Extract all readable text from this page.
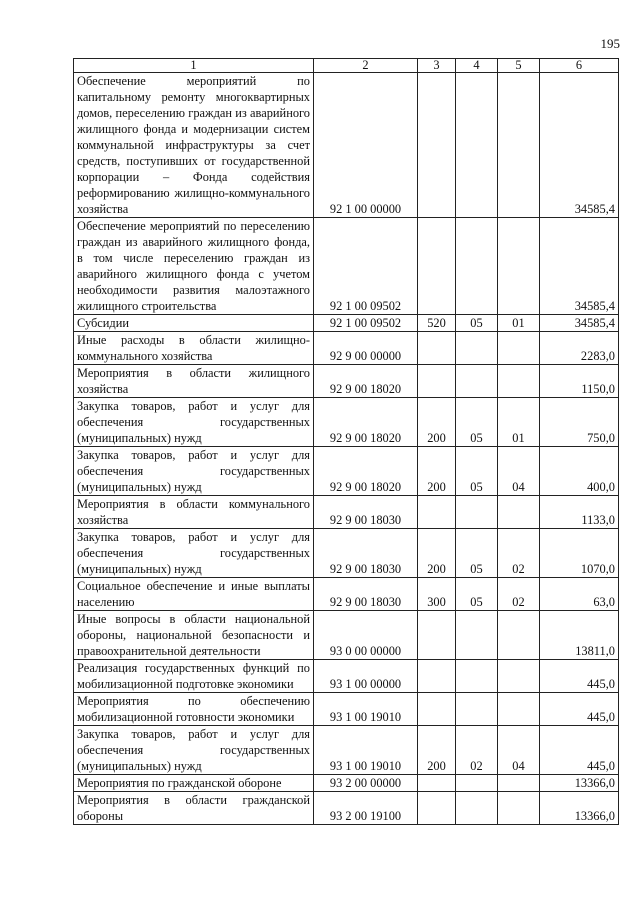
195
1	2	3	4	5	6
Обеспечение мероприятий по капитальному ремонту многоквартирных домов, переселению граждан из аварийного жилищного фонда и модернизации систем коммунальной инфраструктуры за счет средств, поступивших от государственной корпорации – Фонда содействия реформированию жилищно-коммунального хозяйства	92 1 00 00000				34585,4
Обеспечение мероприятий по переселению граждан из аварийного жилищного фонда, в том числе переселению граждан из аварийного жилищного фонда с учетом необходимости развития малоэтажного жилищного строительства	92 1 00 09502				34585,4
Субсидии	92 1 00 09502	520	05	01	34585,4
Иные расходы в области жилищно-коммунального хозяйства	92 9 00 00000				2283,0
Мероприятия в области жилищного хозяйства	92 9 00 18020				1150,0
Закупка товаров, работ и услуг для обеспечения государственных (муниципальных) нужд	92 9 00 18020	200	05	01	750,0
Закупка товаров, работ и услуг для обеспечения государственных (муниципальных) нужд	92 9 00 18020	200	05	04	400,0
Мероприятия в области коммунального хозяйства	92 9 00 18030				1133,0
Закупка товаров, работ и услуг для обеспечения государственных (муниципальных) нужд	92 9 00 18030	200	05	02	1070,0
Социальное обеспечение и иные выплаты населению	92 9 00 18030	300	05	02	63,0
Иные вопросы в области национальной обороны, национальной безопасности и правоохранительной деятельности	93 0 00 00000				13811,0
Реализация государственных функций по мобилизационной подготовке экономики	93 1 00 00000				445,0
Мероприятия по обеспечению мобилизационной готовности экономики	93 1 00 19010				445,0
Закупка товаров, работ и услуг для обеспечения государственных (муниципальных) нужд	93 1 00 19010	200	02	04	445,0
Мероприятия по гражданской обороне	93 2 00 00000				13366,0
Мероприятия в области гражданской обороны	93 2 00 19100				13366,0
